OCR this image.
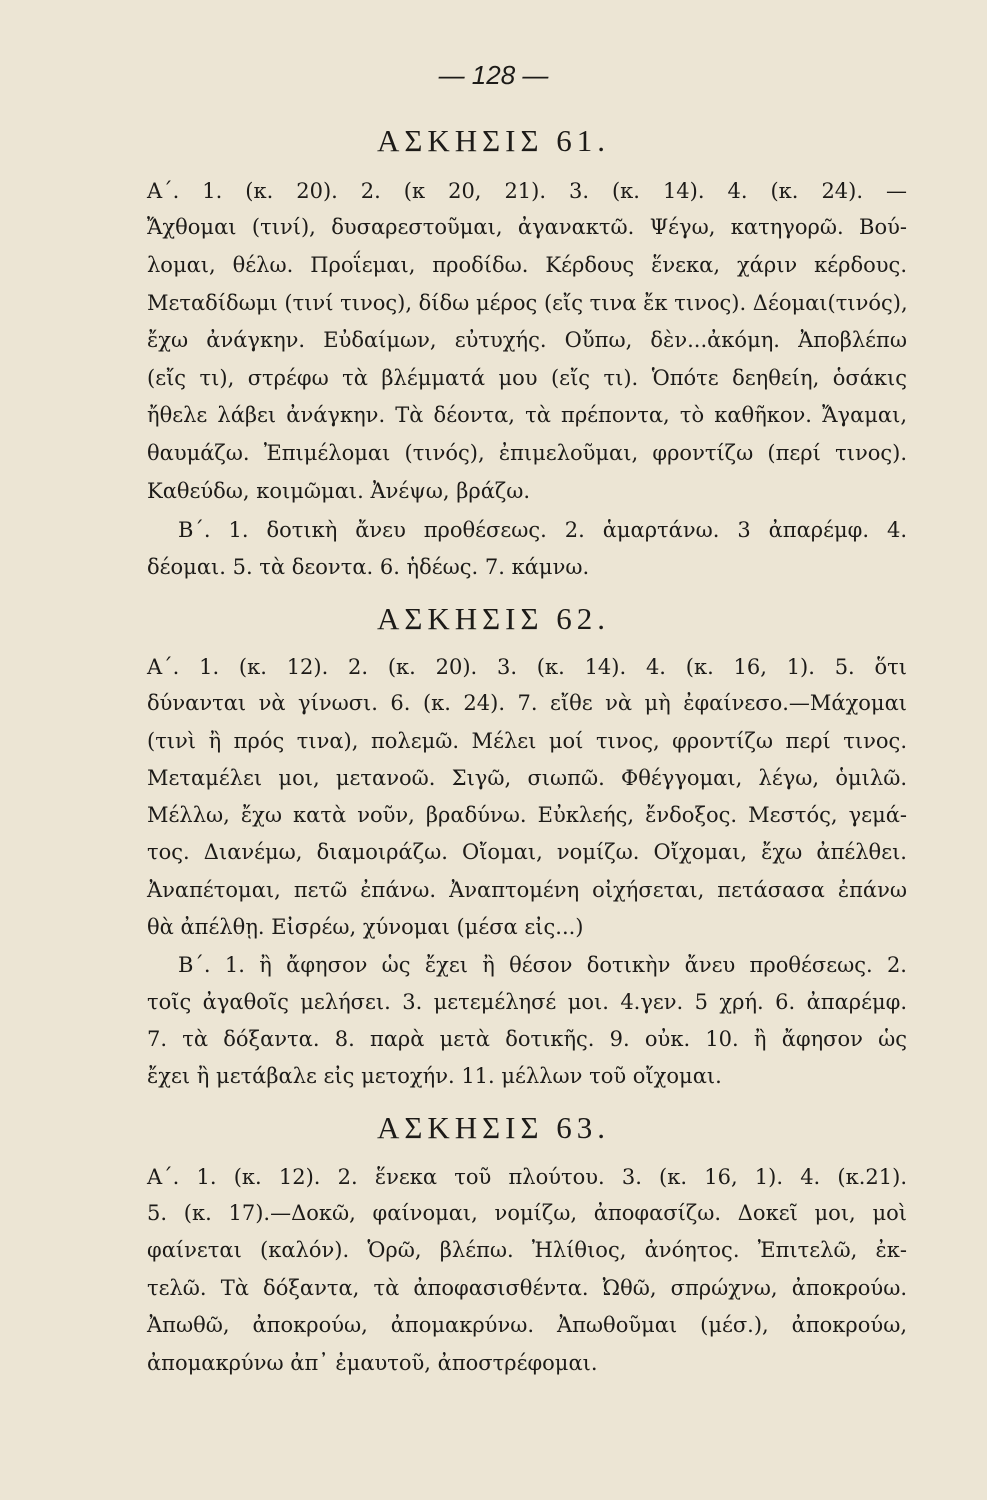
— 128 —
ΑΣΚΗΣΙΣ 61.
Α΄. 1. (κ. 20). 2. (κ 20, 21). 3. (κ. 14). 4. (κ. 24). —
Ἄχθομαι (τινί), δυσαρεστοῦμαι, ἀγανακτῶ. Ψέγω, κατηγορῶ. Βού-
λομαι, θέλω. Προΐεμαι, προδίδω. Κέρδους ἕνεκα, χάριν κέρδους.
Μεταδίδωμι (τινί τινος), δίδω μέρος (εἴς τινα ἔκ τινος). Δέομαι(τινός),
ἔχω ἀνάγκην. Εὐδαίμων, εὐτυχής. Οὔπω, δὲν...ἀκόμη. Ἀποβλέπω
(εἴς τι), στρέφω τὰ βλέμματά μου (εἴς τι). Ὁπότε δεηθείη, ὁσάκις
ἤθελε λάβει ἀνάγκην. Τὰ δέοντα, τὰ πρέποντα, τὸ καθῆκον. Ἄγαμαι,
θαυμάζω. Ἐπιμέλομαι (τινός), ἐπιμελοῦμαι, φροντίζω (περί τινος).
Καθεύδω, κοιμῶμαι. Ἀνέψω, βράζω.
Β΄. 1. δοτικὴ ἄνευ προθέσεως. 2. ἁμαρτάνω. 3 ἀπαρέμφ. 4.
δέομαι. 5. τὰ δεοντα. 6. ἡδέως. 7. κάμνω.
ΑΣΚΗΣΙΣ 62.
Α΄. 1. (κ. 12). 2. (κ. 20). 3. (κ. 14). 4. (κ. 16, 1). 5. ὅτι
δύνανται νὰ γίνωσι. 6. (κ. 24). 7. εἴθε νὰ μὴ ἐφαίνεσο.—Μάχομαι
(τινὶ ἢ πρός τινα), πολεμῶ. Μέλει μοί τινος, φροντίζω περί τινος.
Μεταμέλει μοι, μετανοῶ. Σιγῶ, σιωπῶ. Φθέγγομαι, λέγω, ὁμιλῶ.
Μέλλω, ἔχω κατὰ νοῦν, βραδύνω. Εὐκλεής, ἔνδοξος. Μεστός, γεμά-
τος. Διανέμω, διαμοιράζω. Οἴομαι, νομίζω. Οἴχομαι, ἔχω ἀπέλθει.
Ἀναπέτομαι, πετῶ ἐπάνω. Ἀναπτομένη οἰχήσεται, πετάσασα ἐπάνω
θὰ ἀπέλθῃ. Εἰσρέω, χύνομαι (μέσα εἰς...)
Β΄. 1. ἢ ἄφησον ὡς ἔχει ἢ θέσον δοτικὴν ἄνευ προθέσεως. 2.
τοῖς ἀγαθοῖς μελήσει. 3. μετεμέλησέ μοι. 4.γεν. 5 χρή. 6. ἀπαρέμφ.
7. τὰ δόξαντα. 8. παρὰ μετὰ δοτικῆς. 9. οὐκ. 10. ἢ ἄφησον ὡς
ἔχει ἢ μετάβαλε εἰς μετοχήν. 11. μέλλων τοῦ οἴχομαι.
ΑΣΚΗΣΙΣ 63.
Α΄. 1. (κ. 12). 2. ἕνεκα τοῦ πλούτου. 3. (κ. 16, 1). 4. (κ.21).
5. (κ. 17).—Δοκῶ, φαίνομαι, νομίζω, ἀποφασίζω. Δοκεῖ μοι, μοὶ
φαίνεται (καλόν). Ὁρῶ, βλέπω. Ἠλίθιος, ἀνόητος. Ἐπιτελῶ, ἐκ-
τελῶ. Τὰ δόξαντα, τὰ ἀποφασισθέντα. Ὠθῶ, σπρώχνω, ἀποκρούω.
Ἀπωθῶ, ἀποκρούω, ἀπομακρύνω. Ἀπωθοῦμαι (μέσ.), ἀποκρούω,
ἀπομακρύνω ἀπ᾽ ἐμαυτοῦ, ἀποστρέφομαι.
